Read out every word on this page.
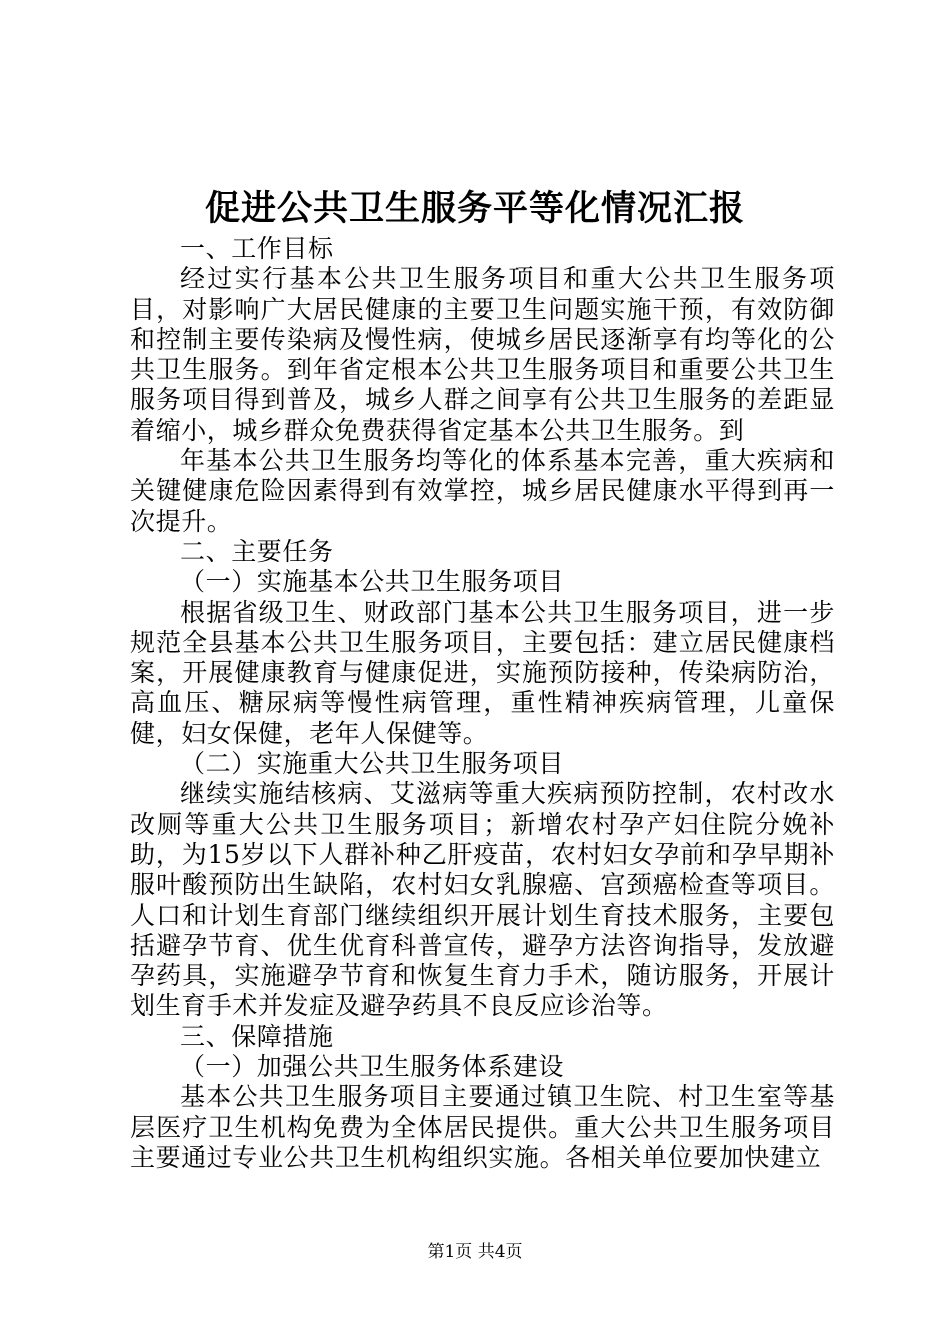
促进公共卫生服务平等化情况汇报

一、工作目标

经过实行基本公共卫生服务项目和重大公共卫生服务项目，对影响广大居民健康的主要卫生问题实施干预，有效防御和控制主要传染病及慢性病，使城乡居民逐渐享有均等化的公共卫生服务。到年省定根本公共卫生服务项目和重要公共卫生服务项目得到普及，城乡人群之间享有公共卫生服务的差距显着缩小，城乡群众免费获得省定基本公共卫生服务。到

年基本公共卫生服务均等化的体系基本完善，重大疾病和关键健康危险因素得到有效掌控，城乡居民健康水平得到再一次提升。

二、主要任务

（一）实施基本公共卫生服务项目

根据省级卫生、财政部门基本公共卫生服务项目，进一步规范全县基本公共卫生服务项目，主要包括：建立居民健康档案，开展健康教育与健康促进，实施预防接种，传染病防治，高血压、糖尿病等慢性病管理，重性精神疾病管理，儿童保健，妇女保健，老年人保健等。

（二）实施重大公共卫生服务项目

继续实施结核病、艾滋病等重大疾病预防控制，农村改水改厕等重大公共卫生服务项目；新增农村孕产妇住院分娩补助，为15岁以下人群补种乙肝疫苗，农村妇女孕前和孕早期补服叶酸预防出生缺陷，农村妇女乳腺癌、宫颈癌检查等项目。人口和计划生育部门继续组织开展计划生育技术服务，主要包括避孕节育、优生优育科普宣传，避孕方法咨询指导，发放避孕药具，实施避孕节育和恢复生育力手术，随访服务，开展计划生育手术并发症及避孕药具不良反应诊治等。

三、保障措施

（一）加强公共卫生服务体系建设

基本公共卫生服务项目主要通过镇卫生院、村卫生室等基层医疗卫生机构免费为全体居民提供。重大公共卫生服务项目主要通过专业公共卫生机构组织实施。各相关单位要加快建立

第1页 共4页
